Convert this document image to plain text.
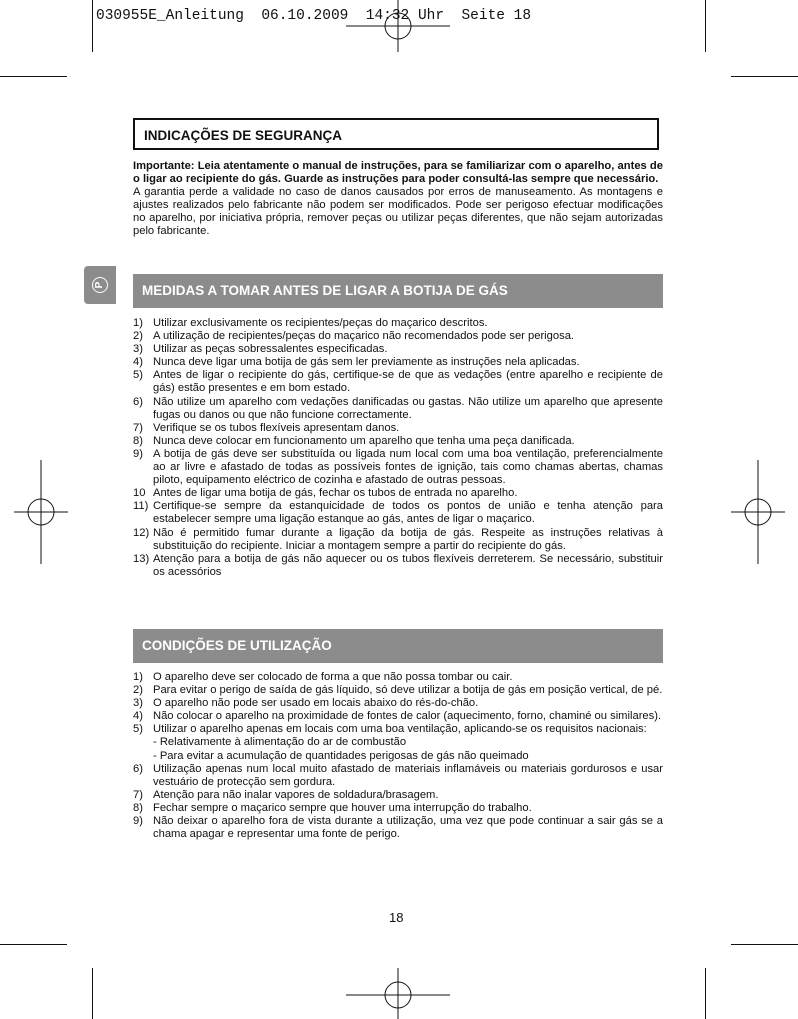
030955E_Anleitung  06.10.2009  14:32 Uhr  Seite 18
P
INDICAÇÕES DE SEGURANÇA
Importante: Leia atentamente o manual de instruções, para se familiarizar com o aparelho, antes de o ligar ao recipiente do gás. Guarde as instruções para poder consultá-las sempre que necessário.
A garantia perde a validade no caso de danos causados por erros de manuseamento. As montagens e ajustes realizados pelo fabricante não podem ser modificados. Pode ser perigoso efectuar modificações no aparelho, por iniciativa própria, remover peças ou utilizar peças diferentes, que não sejam autorizadas pelo fabricante.
MEDIDAS A TOMAR ANTES DE LIGAR A BOTIJA DE GÁS
1) Utilizar exclusivamente os recipientes/peças do maçarico descritos.
2) A utilização de recipientes/peças do maçarico não recomendados pode ser perigosa.
3) Utilizar as peças sobressalentes especificadas.
4) Nunca deve ligar uma botija de gás sem ler previamente as instruções nela aplicadas.
5) Antes de ligar o recipiente do gás, certifique-se de que as vedações (entre aparelho e recipiente de gás) estão presentes e em bom estado.
6) Não utilize um aparelho com vedações danificadas ou gastas. Não utilize um aparelho que apresente fugas ou danos ou que não funcione correctamente.
7) Verifique se os tubos flexíveis apresentam danos.
8) Nunca deve colocar em funcionamento um aparelho que tenha uma peça danificada.
9) A botija de gás deve ser substituída ou ligada num local com uma boa ventilação, preferencialmente ao ar livre e afastado de todas as possíveis fontes de ignição, tais como chamas abertas, chamas piloto, equipamento eléctrico de cozinha e afastado de outras pessoas.
10 Antes de ligar uma botija de gás, fechar os tubos de entrada no aparelho.
11) Certifique-se sempre da estanquicidade de todos os pontos de união e tenha atenção para estabelecer sempre uma ligação estanque ao gás, antes de ligar o maçarico.
12) Não é permitido fumar durante a ligação da botija de gás. Respeite as instruções relativas à substituição do recipiente. Iniciar a montagem sempre a partir do recipiente do gás.
13) Atenção para a botija de gás não aquecer ou os tubos flexíveis derreterem. Se necessário, substituir os acessórios
CONDIÇÕES DE UTILIZAÇÃO
1) O aparelho deve ser colocado de forma a que não possa tombar ou cair.
2) Para evitar o perigo de saída de gás líquido, só deve utilizar a botija de gás em posição vertical, de pé.
3) O aparelho não pode ser usado em locais abaixo do rés-do-chão.
4) Não colocar o aparelho na proximidade de fontes de calor (aquecimento, forno, chaminé ou similares).
5) Utilizar o aparelho apenas em locais com uma boa ventilação, aplicando-se os requisitos nacionais:
- Relativamente à alimentação do ar de combustão
- Para evitar a acumulação de quantidades perigosas de gás não queimado
6) Utilização apenas num local muito afastado de materiais inflamáveis ou materiais gordurosos e usar vestuário de protecção sem gordura.
7) Atenção para não inalar vapores de soldadura/brasagem.
8) Fechar sempre o maçarico sempre que houver uma interrupção do trabalho.
9) Não deixar o aparelho fora de vista durante a utilização, uma vez que pode continuar a sair gás se a chama apagar e representar uma fonte de perigo.
18
